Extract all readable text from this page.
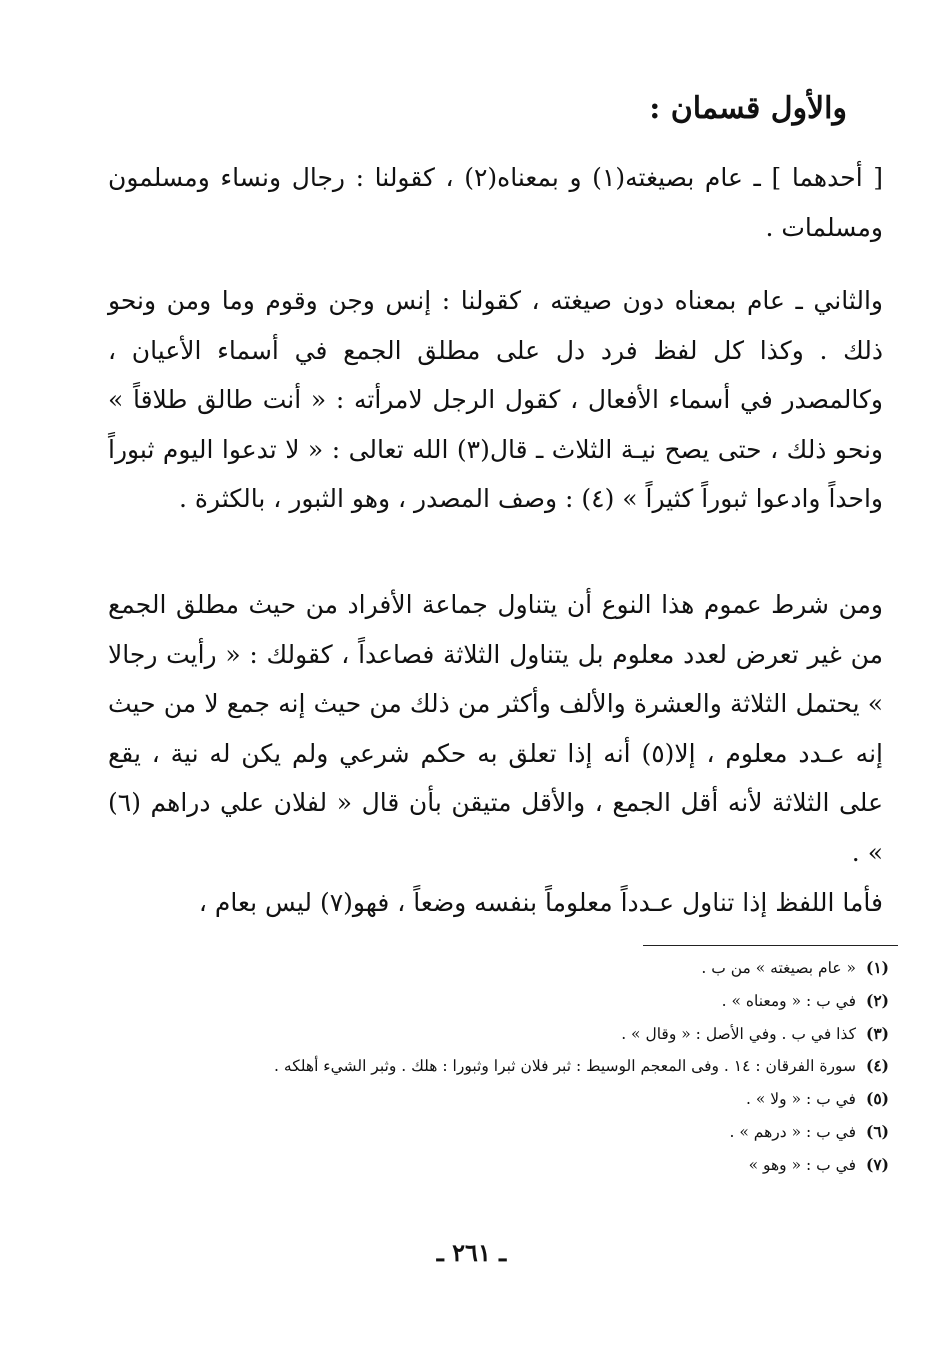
والأول قسمان :

[ أحدهما ] ـ عام بصيغته(١) و بمعناه(٢) ، كقولنا : رجال ونساء ومسلمون ومسلمات .

والثاني ـ عام بمعناه دون صيغته ، كقولنا : إنس وجن وقوم وما ومن ونحو ذلك . وكذا كل لفظ فرد دل على مطلق الجمع في أسماء الأعيان ، وكالمصدر في أسماء الأفعال ، كقول الرجل لامرأته : « أنت طالق طلاقاً » ونحو ذلك ، حتى يصح نيـة الثلاث ـ قال(٣) الله تعالى : « لا تدعوا اليوم ثبوراً واحداً وادعوا ثبوراً كثيراً » (٤) : وصف المصدر ، وهو الثبور ، بالكثرة .

ومن شرط عموم هذا النوع أن يتناول جماعة الأفراد من حيث مطلق الجمع من غير تعرض لعدد معلوم بل يتناول الثلاثة فصاعداً ، كقولك : « رأيت رجالا » يحتمل الثلاثة والعشرة والألف وأكثر من ذلك من حيث إنه جمع لا من حيث إنه عـدد معلوم ، إلا(٥) أنه إذا تعلق به حكم شرعي ولم يكن له نية ، يقع على الثلاثة لأنه أقل الجمع ، والأقل متيقن بأن قال « لفلان علي دراهم (٦) » .

فأما اللفظ إذا تناول عـدداً معلوماً بنفسه وضعاً ، فهو(٧) ليس بعام ،

(١)« عام بصيغته » من ب .
(٢)في ب : « ومعناه » .
(٣)كذا في ب . وفي الأصل : « وقال » .
(٤)سورة الفرقان : ١٤ . وفى المعجم الوسيط : ثبر فلان ثبرا وثبورا : هلك . وثبر الشيء أهلكه .
(٥)في ب : « ولا » .
(٦)في ب : « درهم » .
(٧)في ب : « وهو »
ـ ٢٦١ ـ
